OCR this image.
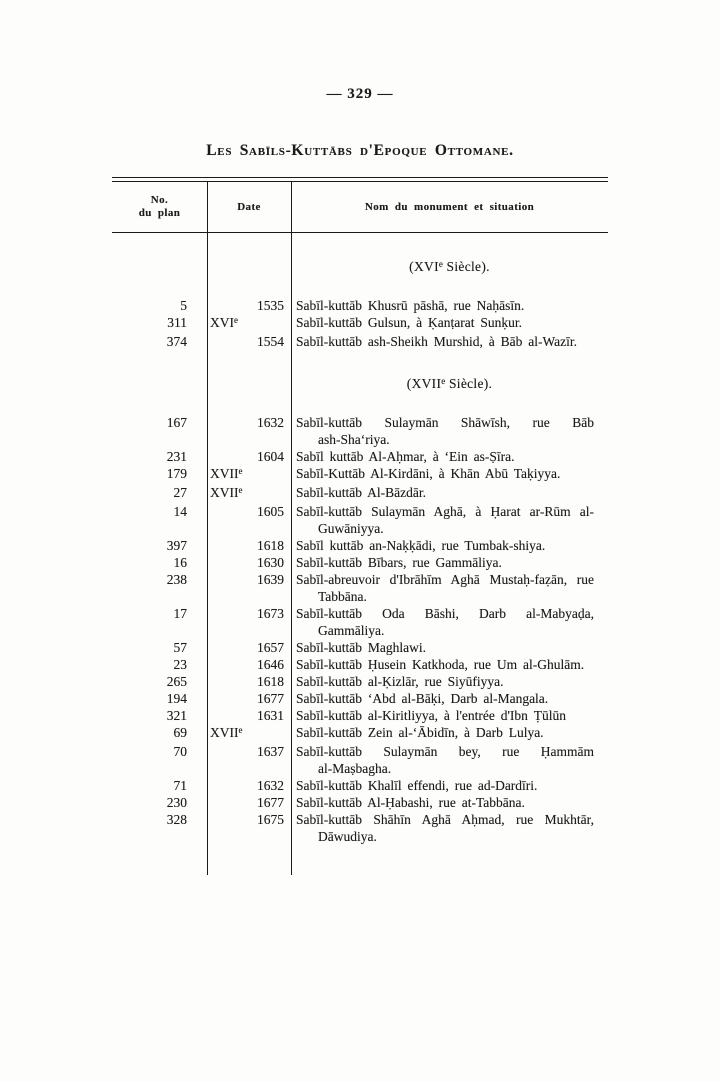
— 329 —
Les Sabīls-Kuttābs d'Epoque Ottomane.
No.
du plan
Date	Nom du monument et situation
(XVIe Siècle).
5	1535 Sabīl-kuttāb Khusrū pāshā, rue Naḥāsīn.
311	XVIe	Sabīl-kuttāb Gulsun, à Ḳanṭarat Sunḳur.
374	1554 Sabīl-kuttāb ash-Sheikh Murshid, à Bāb al‑Wazīr.
(XVIIe Siècle).
167	1632 Sabīl-kuttāb Sulaymān Shāwīsh, rue Bāb ash‑Sha‘riya.
231	1604 Sabīl kuttāb Al-Aḥmar, à ‘Ein as-Ṣīra.
179	XVIIe	Sabīl-Kuttāb Al-Kirdāni, à Khān Abū Taḳiyya.
27	XVIIe	Sabīl-kuttāb Al-Bāzdār.
14	1605 Sabīl-kuttāb Sulaymān Aghā, à Ḥarat ar-Rūm al-Guwāniyya.
397	1618 Sabīl kuttāb an-Naḳḳādi, rue Tumbak-shiya.
16	1630 Sabīl-kuttāb Bībars, rue Gammāliya.
238	1639 Sabīl-abreuvoir d'Ibrāhīm Aghā Mustaḥ-faẓān, rue Tabbāna.
17	1673 Sabīl-kuttāb Oda Bāshi, Darb al-Mabyaḍa, Gammāliya.
57	1657 Sabīl-kuttāb Maghlawi.
23	1646 Sabīl-kuttāb Ḥusein Katkhoda, rue Um al‑Ghulām.
265	1618 Sabīl-kuttāb al-Ḳizlār, rue Siyūfiyya.
194	1677 Sabīl-kuttāb ‘Abd al-Bāḳi, Darb al-Mangala.
321	1631 Sabīl-kuttāb al-Kiritliyya, à l'entrée d'Ibn Ṭūlūn
69	XVIIe	Sabīl-kuttāb Zein al-‘Ābidīn, à Darb Lulya.
70	1637 Sabīl-kuttāb Sulaymān bey, rue Ḥammām al‑Maṣbagha.
71	1632 Sabīl-kuttāb Khalīl effendi, rue ad-Dardīri.
230	1677 Sabīl-kuttāb Al-Ḥabashi, rue at-Tabbāna.
328	1675 Sabīl-kuttāb Shāhīn Aghā Aḥmad, rue Mukhtār, Dāwudiya.
